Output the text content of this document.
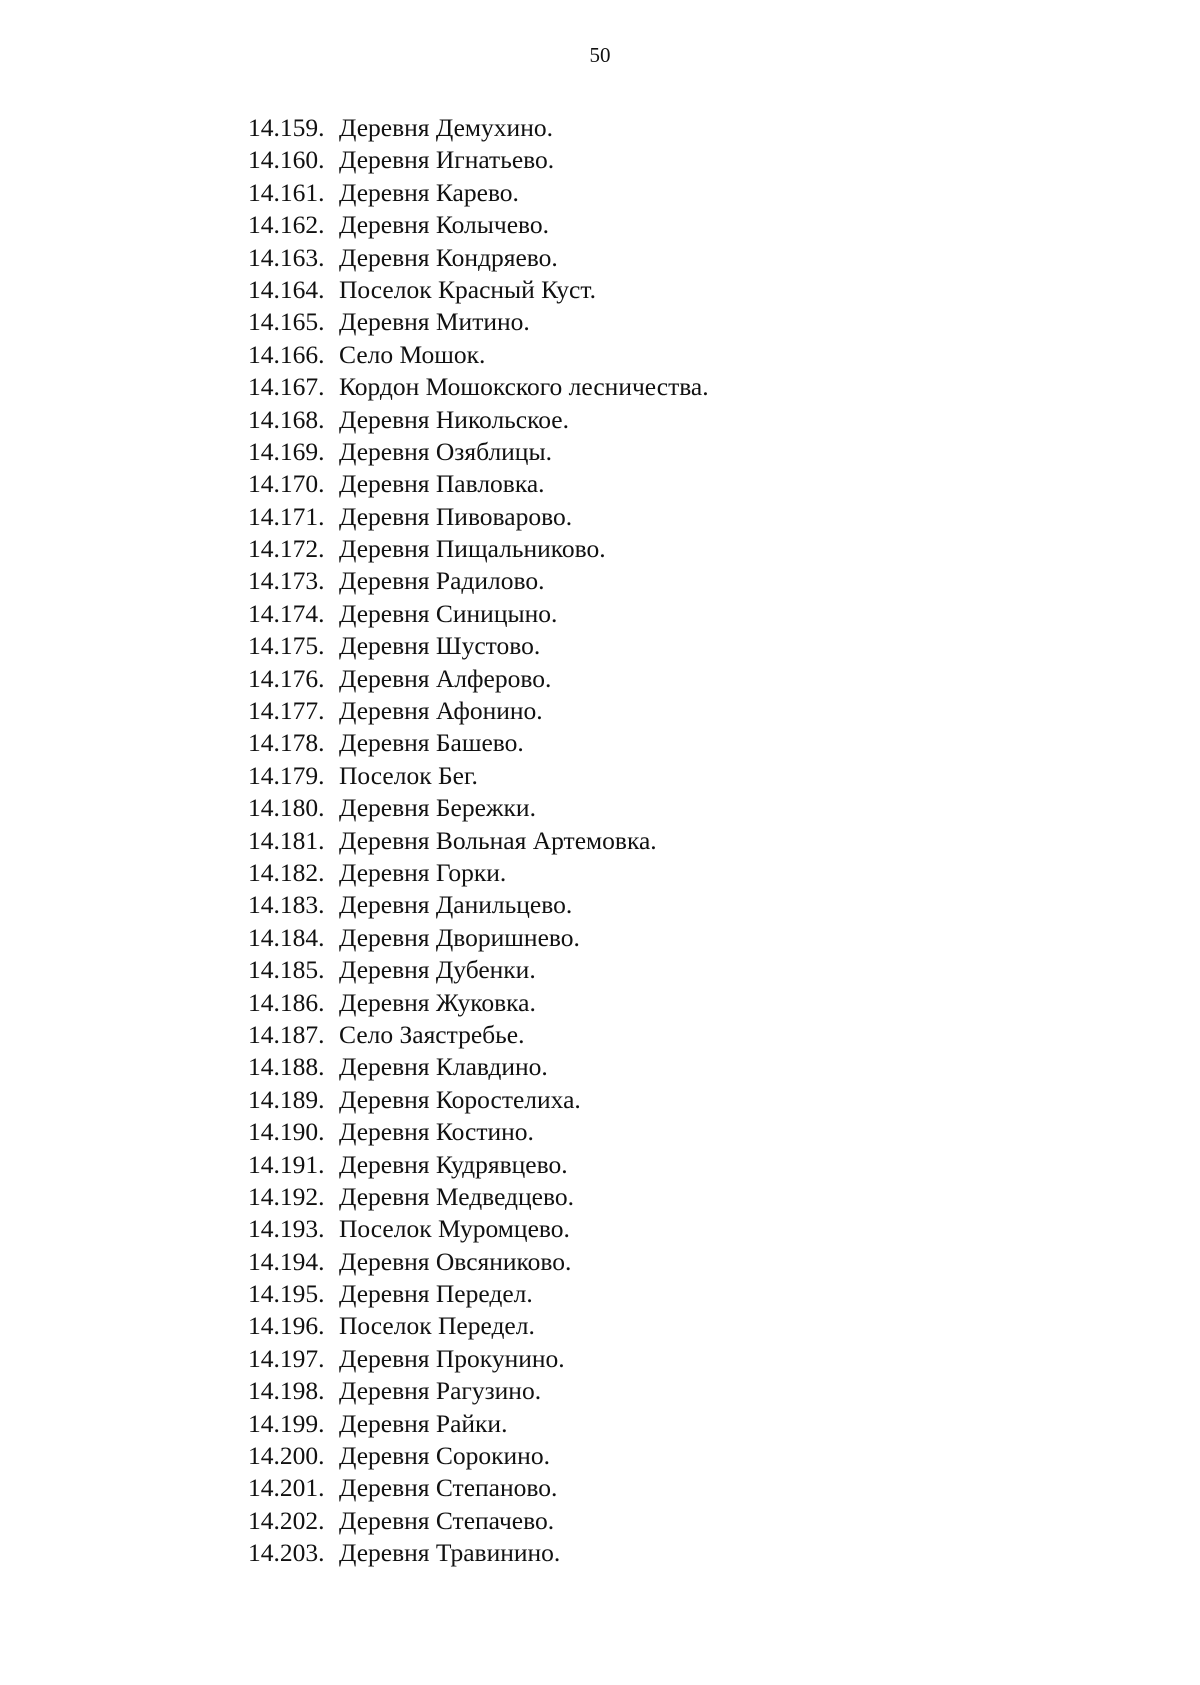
50
14.159. Деревня Демухино.
14.160. Деревня Игнатьево.
14.161. Деревня Карево.
14.162. Деревня Колычево.
14.163. Деревня Кондряево.
14.164. Поселок Красный Куст.
14.165. Деревня Митино.
14.166. Село Мошок.
14.167. Кордон Мошокского лесничества.
14.168. Деревня Никольское.
14.169. Деревня Озяблицы.
14.170. Деревня Павловка.
14.171. Деревня Пивоварово.
14.172. Деревня Пищальниково.
14.173. Деревня Радилово.
14.174. Деревня Синицыно.
14.175. Деревня Шустово.
14.176. Деревня Алферово.
14.177. Деревня Афонино.
14.178. Деревня Башево.
14.179. Поселок Бег.
14.180. Деревня Бережки.
14.181. Деревня Вольная Артемовка.
14.182. Деревня Горки.
14.183. Деревня Данильцево.
14.184. Деревня Дворишнево.
14.185. Деревня Дубенки.
14.186. Деревня Жуковка.
14.187. Село Заястребье.
14.188. Деревня Клавдино.
14.189. Деревня Коростелиха.
14.190. Деревня Костино.
14.191. Деревня Кудрявцево.
14.192. Деревня Медведцево.
14.193. Поселок Муромцево.
14.194. Деревня Овсяниково.
14.195. Деревня Передел.
14.196. Поселок Передел.
14.197. Деревня Прокунино.
14.198. Деревня Рагузино.
14.199. Деревня Райки.
14.200. Деревня Сорокино.
14.201. Деревня Степаново.
14.202. Деревня Степачево.
14.203. Деревня Травинино.
